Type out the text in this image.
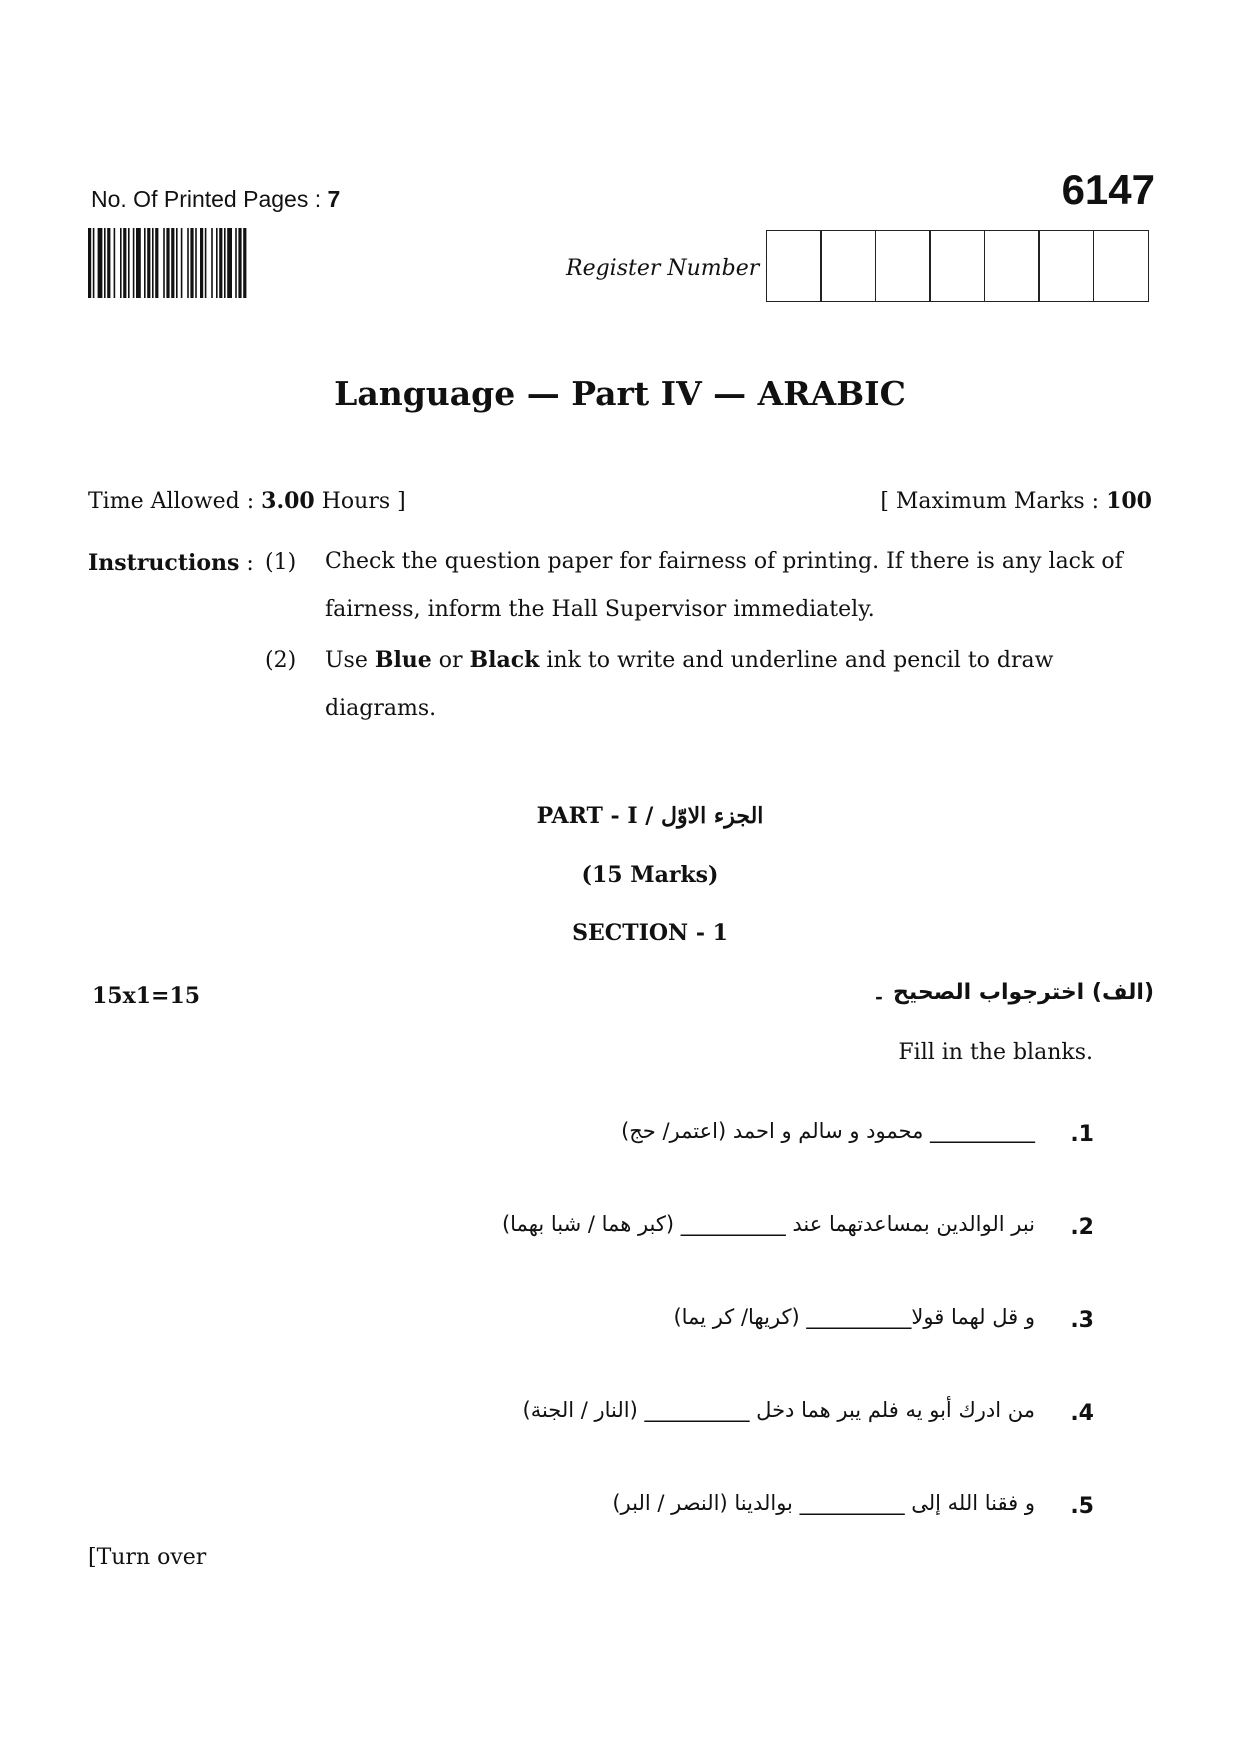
No. Of Printed Pages : 7	6147
Register Number
Language — Part IV — ARABIC
Time Allowed : 3.00 Hours ]	[ Maximum Marks : 100
Instructions : (1) Check the question paper for fairness of printing. If there is any lack of fairness, inform the Hall Supervisor immediately.
(2) Use Blue or Black ink to write and underline and pencil to draw diagrams.
PART - I / الجزء الاوّل
(15 Marks)
SECTION - 1
15x1=15	(الف) اخترجواب الصحيح ۔
Fill in the blanks.
.1
__________ محمود و سالم و احمد (اعتمر/ حج)
.2
نبر الوالدين بمساعدتهما عند __________ (كبر هما / شبا بهما)
.3
و قل لهما قولا__________ (كريها/ كر يما)
.4
من ادرك أبو يه فلم يبر هما دخل __________ (النار / الجنة)
.5
و فقنا الله إلى __________ بوالدينا (النصر / البر)
[Turn over
